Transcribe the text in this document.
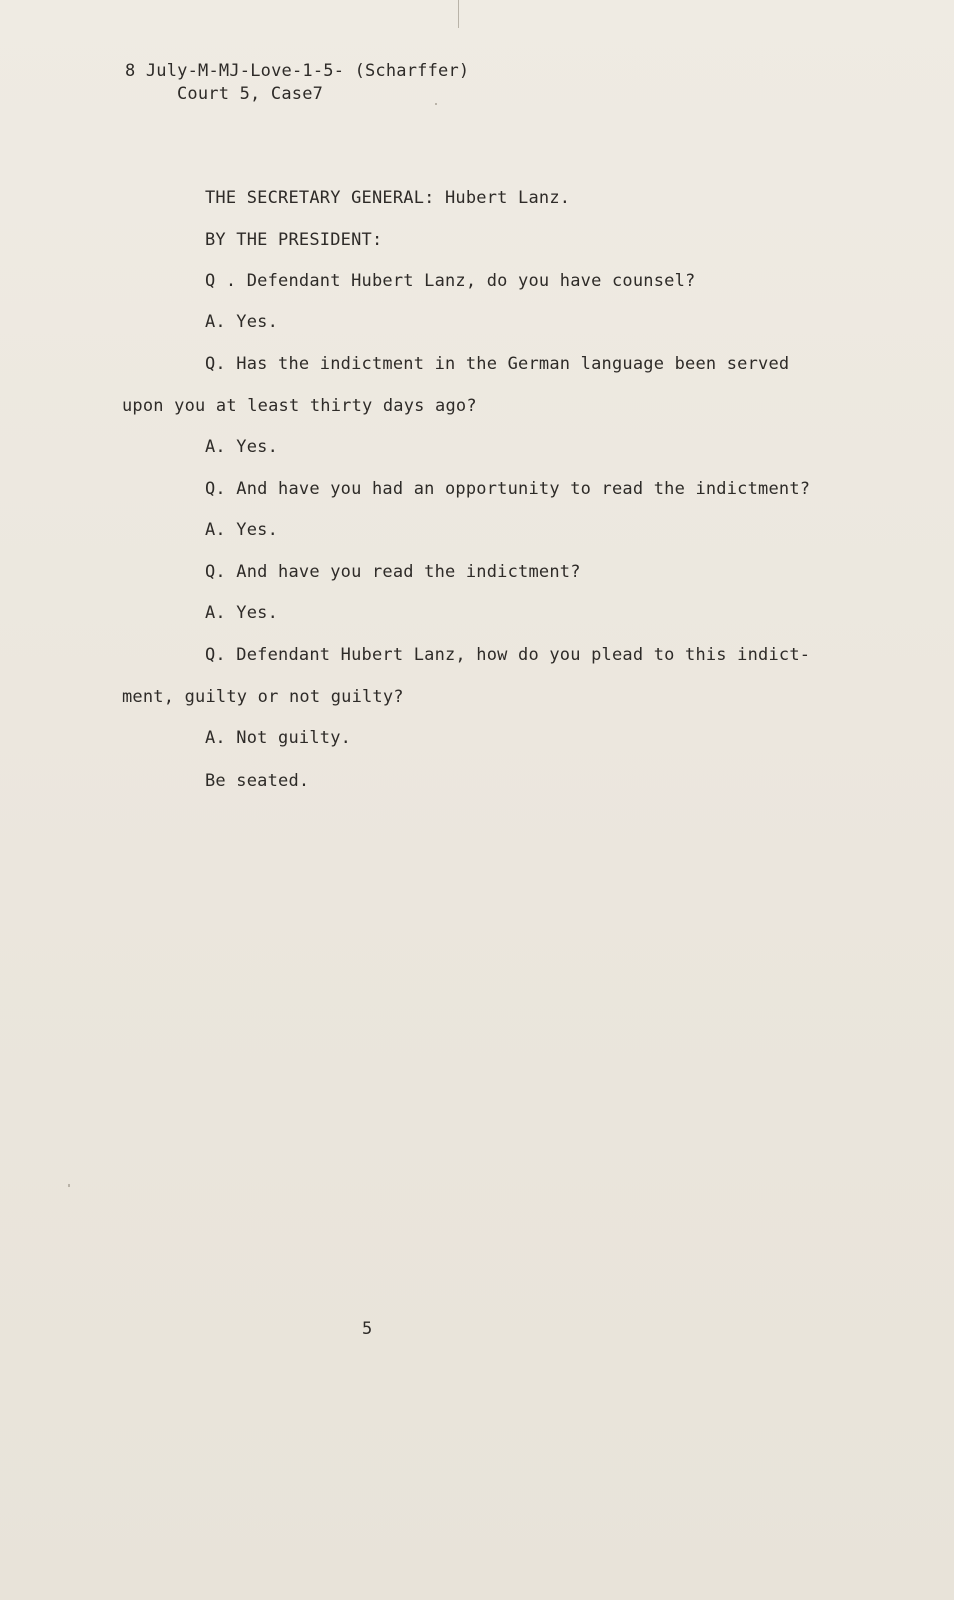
8 July-M-MJ-Love-1-5- (Scharffer)
Court 5, Case7
THE SECRETARY GENERAL: Hubert Lanz.
BY THE PRESIDENT:
Q . Defendant Hubert Lanz, do you have counsel?
A. Yes.
Q. Has the indictment in the German language been served
upon you at least thirty days ago?
A. Yes.
Q. And have you had an opportunity to read the indictment?
A. Yes.
Q. And have you read the indictment?
A. Yes.
Q. Defendant Hubert Lanz, how do you plead to this indict-
ment, guilty or not guilty?
A. Not guilty.
Be seated.
5
